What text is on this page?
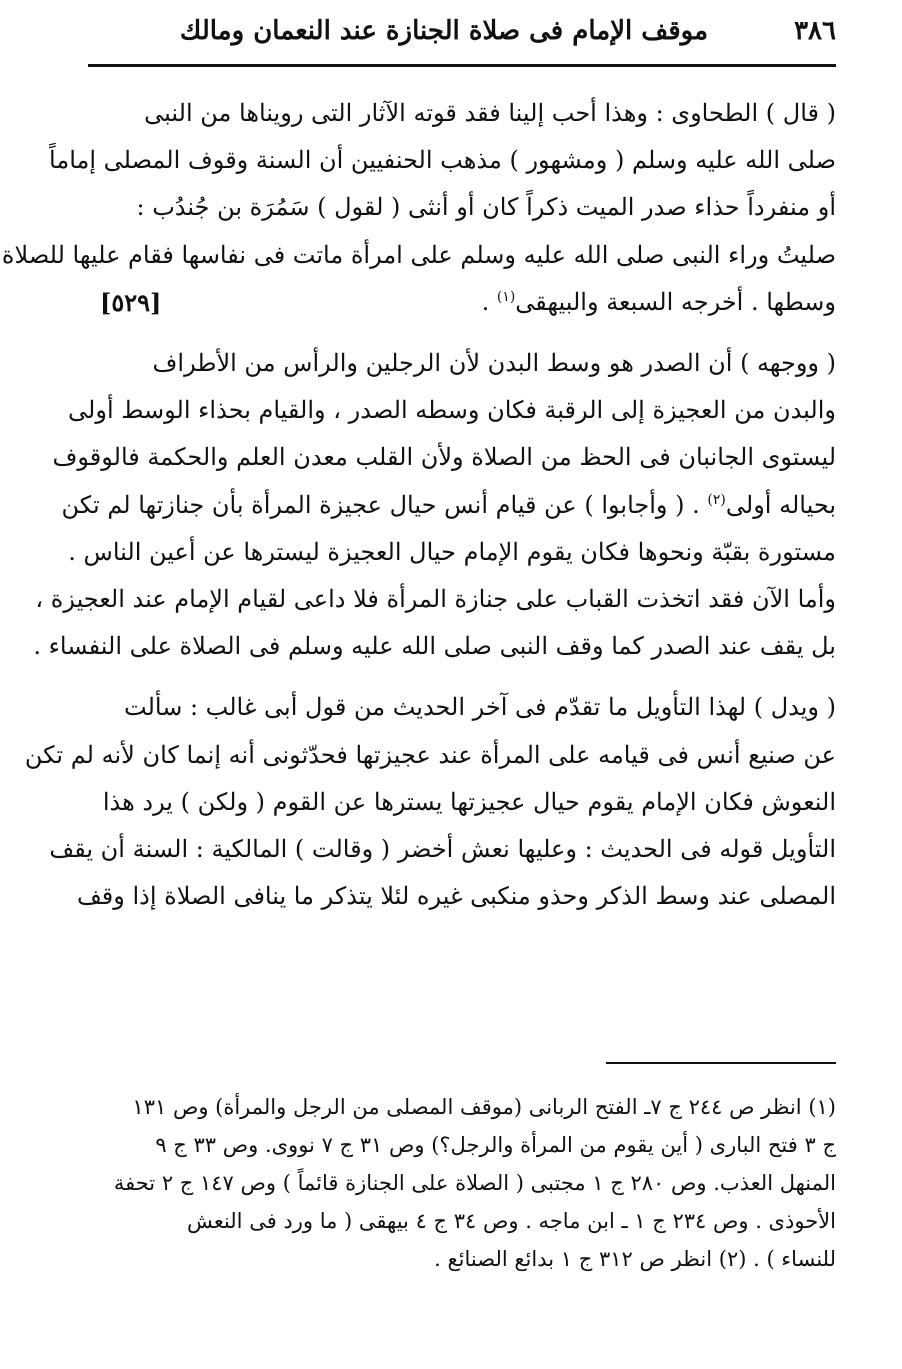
٣٨٦
موقف الإمام فى صلاة الجنازة عند النعمان ومالك

( قال ) الطحاوى : وهذا أحب إلينا فقد قوته الآثار التى رويناها من النبى
صلى الله عليه وسلم ( ومشهور ) مذهب الحنفيين أن السنة وقوف المصلى إماماً
أو منفرداً حذاء صدر الميت ذكراً كان أو أنثى ( لقول ) سَمُرَة بن جُندُب :
صليتُ وراء النبى صلى الله عليه وسلم على امرأة ماتت فى نفاسها فقام عليها للصلاة
وسطها . أخرجه السبعة والبيهقى$^{(١)}$ .
[٥٢٩]

( ووجهه ) أن الصدر هو وسط البدن لأن الرجلين والرأس من الأطراف
والبدن من العجيزة إلى الرقبة فكان وسطه الصدر ، والقيام بحذاء الوسط أولى
ليستوى الجانبان فى الحظ من الصلاة ولأن القلب معدن العلم والحكمة فالوقوف
بحياله أولى$^{(٢)}$ . ( وأجابوا ) عن قيام أنس حيال عجيزة المرأة بأن جنازتها لم تكن
مستورة بقبّة ونحوها فكان يقوم الإمام حيال العجيزة ليسترها عن أعين الناس .
وأما الآن فقد اتخذت القباب على جنازة المرأة فلا داعى لقيام الإمام عند العجيزة ،
بل يقف عند الصدر كما وقف النبى صلى الله عليه وسلم فى الصلاة على النفساء .

( ويدل ) لهذا التأويل ما تقدّم فى آخر الحديث من قول أبى غالب : سألت
عن صنيع أنس فى قيامه على المرأة عند عجيزتها فحدّثونى أنه إنما كان لأنه لم تكن
النعوش فكان الإمام يقوم حيال عجيزتها يسترها عن القوم ( ولكن ) يرد هذا
التأويل قوله فى الحديث : وعليها نعش أخضر ( وقالت ) المالكية : السنة أن يقف
المصلى عند وسط الذكر وحذو منكبى غيره لئلا يتذكر ما ينافى الصلاة إذا وقف

(١) انظر ص ٢٤٤ ج ٧ـ الفتح الربانى (موقف المصلى من الرجل والمرأة) وص ١٣١
ج ٣ فتح البارى ( أين يقوم من المرأة والرجل؟) وص ٣١ ج ٧ نووى. وص ٣٣ ج ٩
المنهل العذب. وص ٢٨٠ ج ١ مجتبى ( الصلاة على الجنازة قائماً ) وص ١٤٧ ج ٢ تحفة
الأحوذى . وص ٢٣٤ ج ١ ـ ابن ماجه . وص ٣٤ ج ٤ بيهقى ( ما ورد فى النعش
للنساء ) . (٢) انظر ص ٣١٢ ج ١ بدائع الصنائع .
